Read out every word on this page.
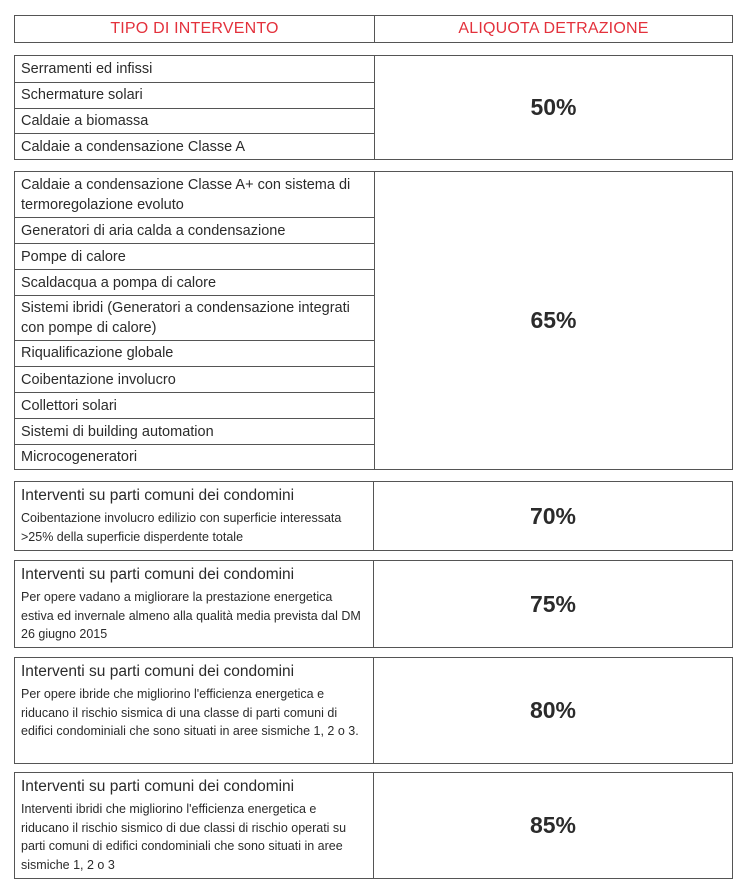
TIPO DI INTERVENTO	ALIQUOTA DETRAZIONE
Serramenti ed infissi
Schermature solari
Caldaie a biomassa
Caldaie a condensazione Classe A
50%
Caldaie a condensazione Classe A+ con sistema di termoregolazione evoluto
Generatori di aria calda a condensazione
Pompe di calore
Scaldacqua a pompa di calore
Sistemi ibridi (Generatori a condensazione integrati con pompe di calore)
Riqualificazione globale
Coibentazione involucro
Collettori solari
Sistemi di building automation
Microcogeneratori
65%
Interventi su parti comuni dei condomini
Coibentazione involucro edilizio con superficie interessata >25% della superficie disperdente totale
70%
Interventi su parti comuni dei condomini
Per opere vadano a migliorare la prestazione energetica estiva ed invernale almeno alla qualità media prevista dal DM 26 giugno 2015
75%
Interventi su parti comuni dei condomini
Per opere ibride che migliorino l'efficienza energetica e riducano il rischio sismica di una classe di parti comuni di edifici condominiali che sono situati in aree sismiche 1, 2 o 3.
80%
Interventi su parti comuni dei condomini
Interventi ibridi che migliorino l'efficienza energetica e riducano il rischio sismico di due classi di rischio operati su parti comuni di edifici condominiali che sono situati in aree sismiche 1, 2 o 3
85%
